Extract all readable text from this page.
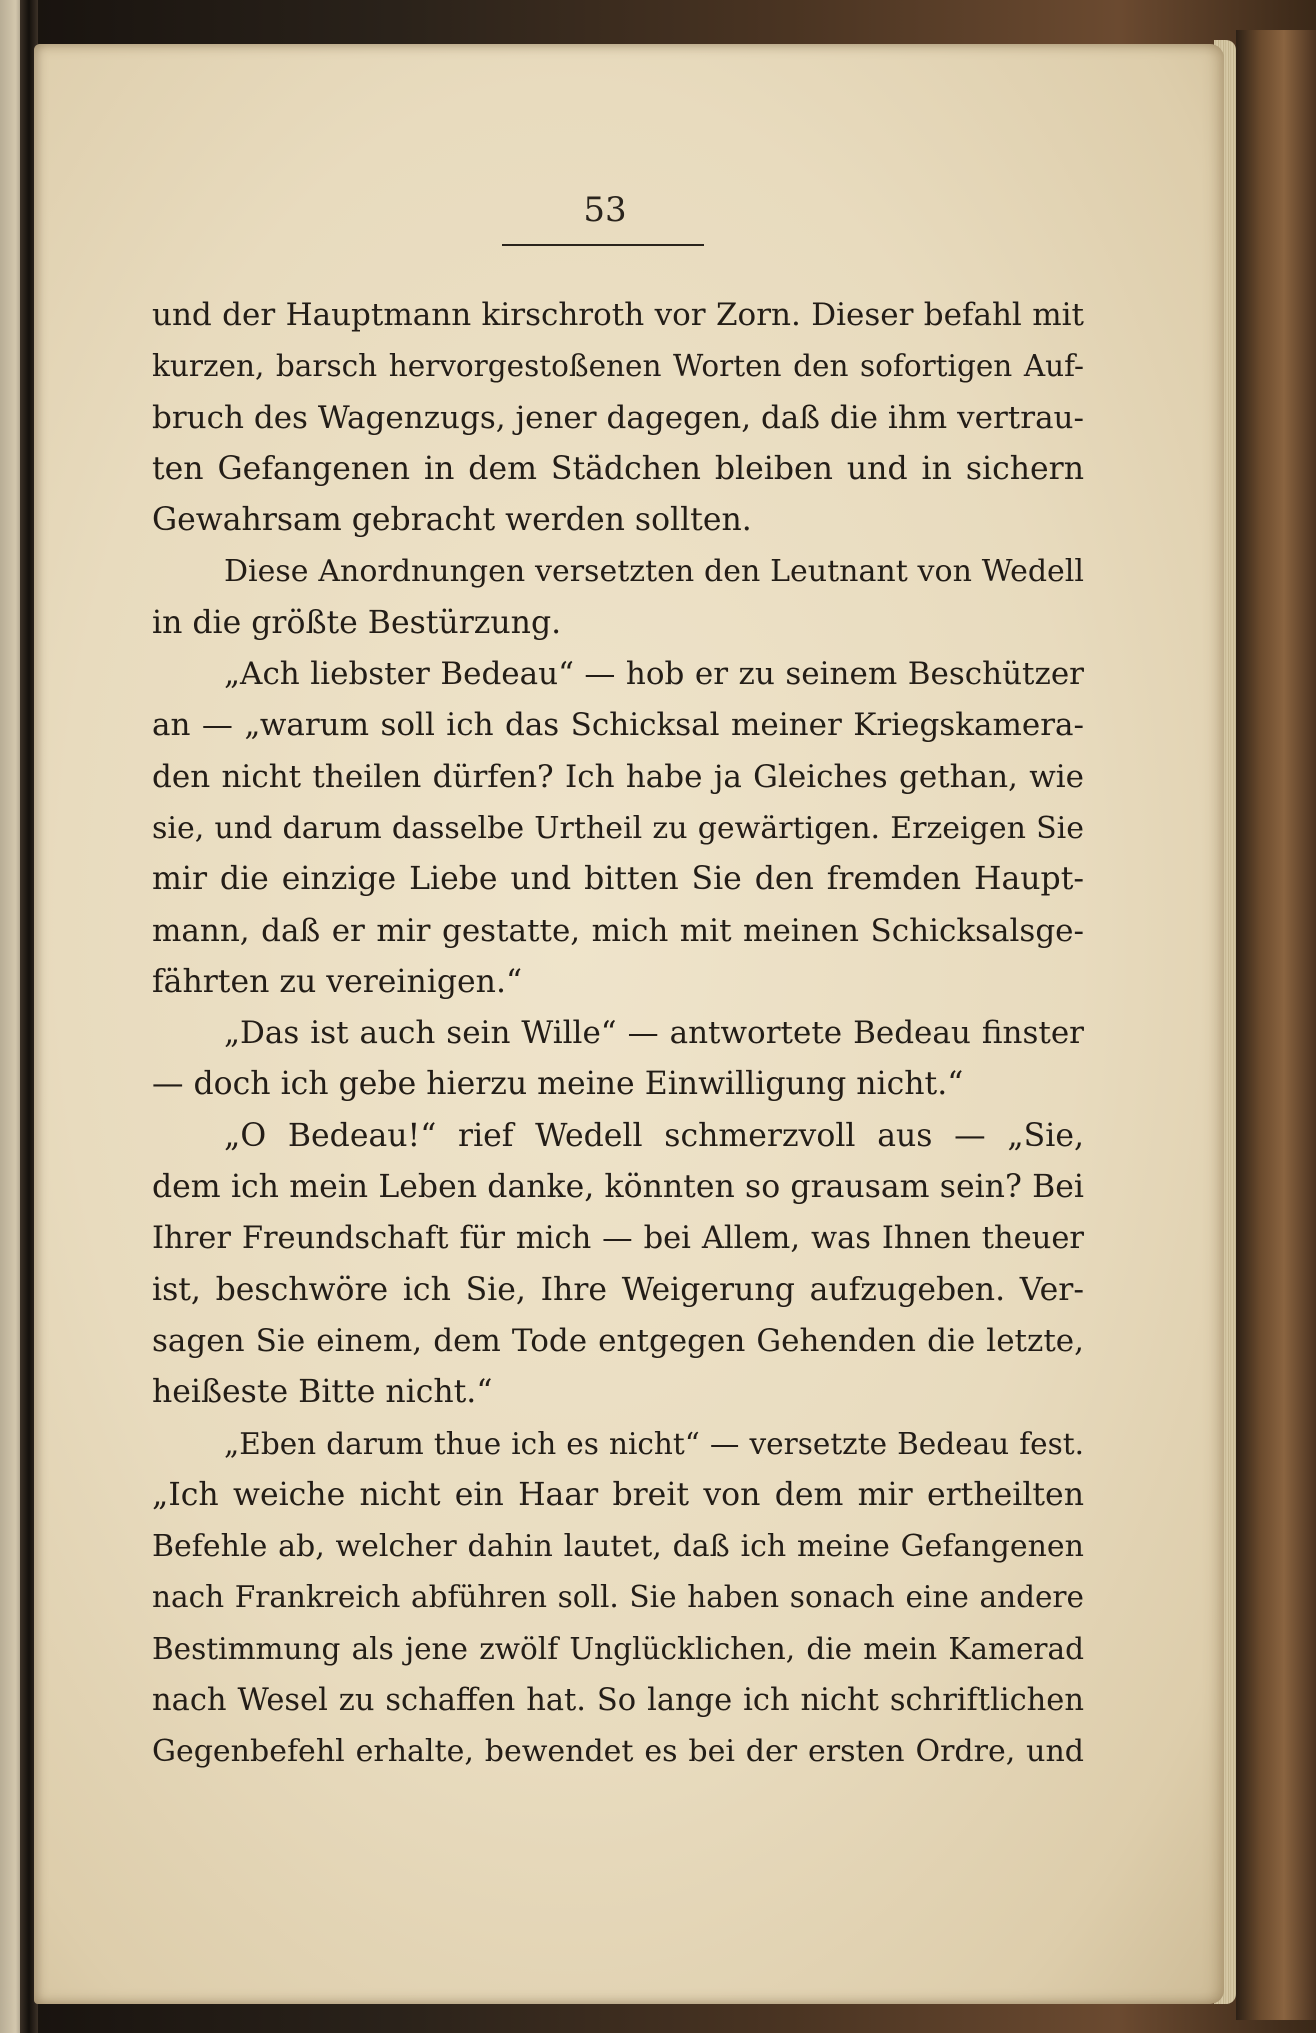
53
und der Hauptmann kirschroth vor Zorn. Dieser befahl mit
kurzen, barsch hervorgestoßenen Worten den sofortigen Auf-
bruch des Wagenzugs, jener dagegen, daß die ihm vertrau-
ten Gefangenen in dem Städchen bleiben und in sichern
Gewahrsam gebracht werden sollten.
Diese Anordnungen versetzten den Leutnant von Wedell
in die größte Bestürzung.
„Ach liebster Bedeau“ — hob er zu seinem Beschützer
an — „warum soll ich das Schicksal meiner Kriegskamera-
den nicht theilen dürfen? Ich habe ja Gleiches gethan, wie
sie, und darum dasselbe Urtheil zu gewärtigen. Erzeigen Sie
mir die einzige Liebe und bitten Sie den fremden Haupt-
mann, daß er mir gestatte, mich mit meinen Schicksalsge-
fährten zu vereinigen.“
„Das ist auch sein Wille“ — antwortete Bedeau finster
— doch ich gebe hierzu meine Einwilligung nicht.“
„O Bedeau!“ rief Wedell schmerzvoll aus — „Sie,
dem ich mein Leben danke, könnten so grausam sein? Bei
Ihrer Freundschaft für mich — bei Allem, was Ihnen theuer
ist, beschwöre ich Sie, Ihre Weigerung aufzugeben. Ver-
sagen Sie einem, dem Tode entgegen Gehenden die letzte,
heißeste Bitte nicht.“
„Eben darum thue ich es nicht“ — versetzte Bedeau fest.
„Ich weiche nicht ein Haar breit von dem mir ertheilten
Befehle ab, welcher dahin lautet, daß ich meine Gefangenen
nach Frankreich abführen soll. Sie haben sonach eine andere
Bestimmung als jene zwölf Unglücklichen, die mein Kamerad
nach Wesel zu schaffen hat. So lange ich nicht schriftlichen
Gegenbefehl erhalte, bewendet es bei der ersten Ordre, und
